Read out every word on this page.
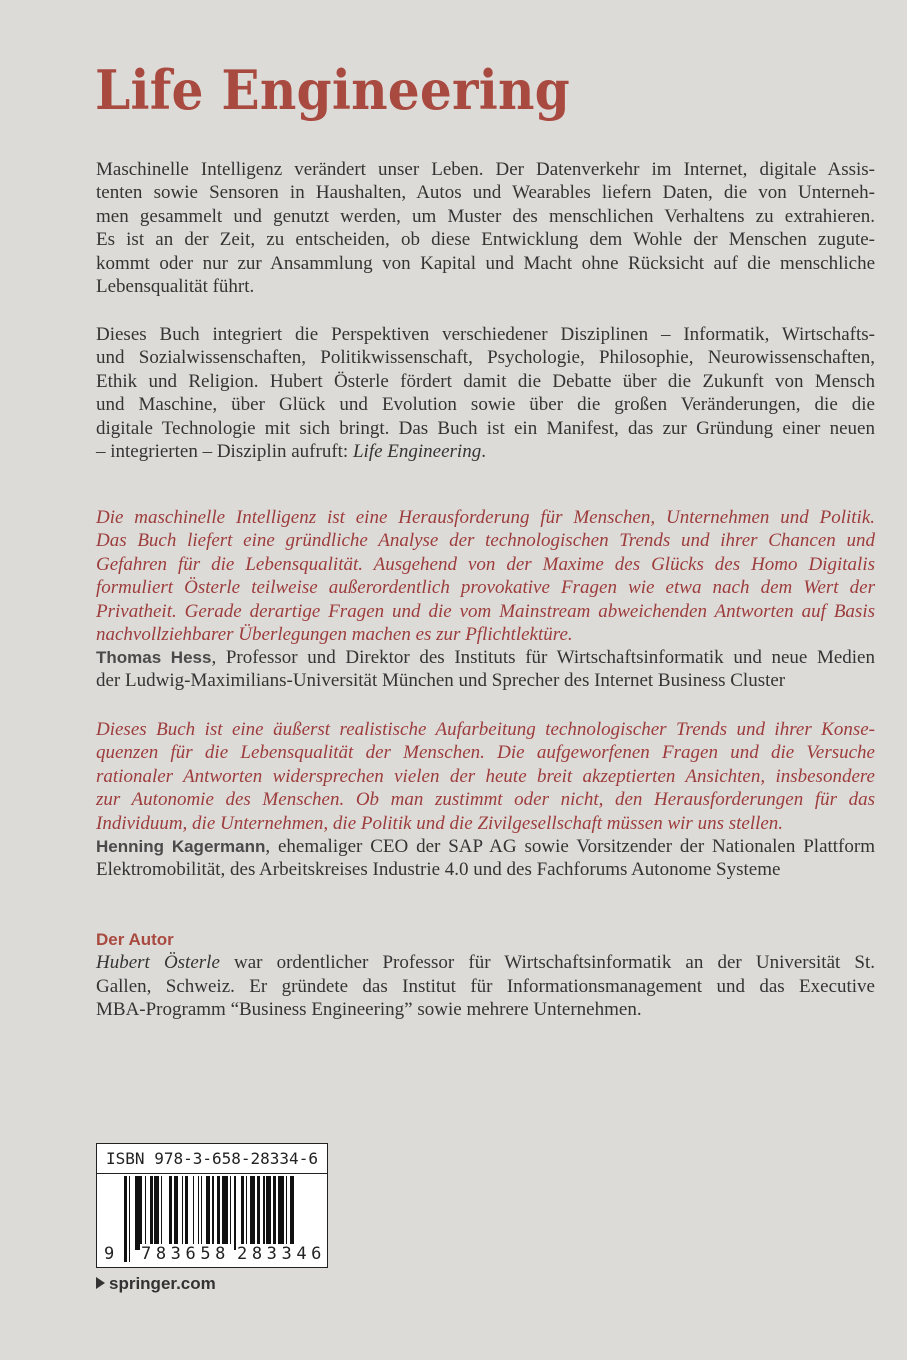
Life Engineering
Maschinelle Intelligenz verändert unser Leben. Der Datenverkehr im Internet, digitale Assis-
tenten sowie Sensoren in Haushalten, Autos und Wearables liefern Daten, die von Unterneh-
men gesammelt und genutzt werden, um Muster des menschlichen Verhaltens zu extrahieren.
Es ist an der Zeit, zu entscheiden, ob diese Entwicklung dem Wohle der Menschen zugute-
kommt oder nur zur Ansammlung von Kapital und Macht ohne Rücksicht auf die menschliche
Lebensqualität führt.
Dieses Buch integriert die Perspektiven verschiedener Disziplinen – Informatik, Wirtschafts-
und Sozialwissenschaften, Politikwissenschaft, Psychologie, Philosophie, Neurowissenschaften,
Ethik und Religion. Hubert Österle fördert damit die Debatte über die Zukunft von Mensch
und Maschine, über Glück und Evolution sowie über die großen Veränderungen, die die
digitale Technologie mit sich bringt. Das Buch ist ein Manifest, das zur Gründung einer neuen
– integrierten – Disziplin aufruft: Life Engineering.
Die maschinelle Intelligenz ist eine Herausforderung für Menschen, Unternehmen und Politik.
Das Buch liefert eine gründliche Analyse der technologischen Trends und ihrer Chancen und
Gefahren für die Lebensqualität. Ausgehend von der Maxime des Glücks des Homo Digitalis
formuliert Österle teilweise außerordentlich provokative Fragen wie etwa nach dem Wert der
Privatheit. Gerade derartige Fragen und die vom Mainstream abweichenden Antworten auf Basis
nachvollziehbarer Überlegungen machen es zur Pflichtlektüre.
Thomas Hess, Professor und Direktor des Instituts für Wirtschaftsinformatik und neue Medien
der Ludwig-Maximilians-Universität München und Sprecher des Internet Business Cluster
Dieses Buch ist eine äußerst realistische Aufarbeitung technologischer Trends und ihrer Konse-
quenzen für die Lebensqualität der Menschen. Die aufgeworfenen Fragen und die Versuche
rationaler Antworten widersprechen vielen der heute breit akzeptierten Ansichten, insbesondere
zur Autonomie des Menschen. Ob man zustimmt oder nicht, den Herausforderungen für das
Individuum, die Unternehmen, die Politik und die Zivilgesellschaft müssen wir uns stellen.
Henning Kagermann, ehemaliger CEO der SAP AG sowie Vorsitzender der Nationalen Plattform
Elektromobilität, des Arbeitskreises Industrie 4.0 und des Fachforums Autonome Systeme
Der Autor
Hubert Österle war ordentlicher Professor für Wirtschaftsinformatik an der Universität St.
Gallen, Schweiz. Er gründete das Institut für Informationsmanagement und das Executive
MBA-Programm “Business Engineering” sowie mehrere Unternehmen.
ISBN 978-3-658-28334-6
9 783658 283346
springer.com
